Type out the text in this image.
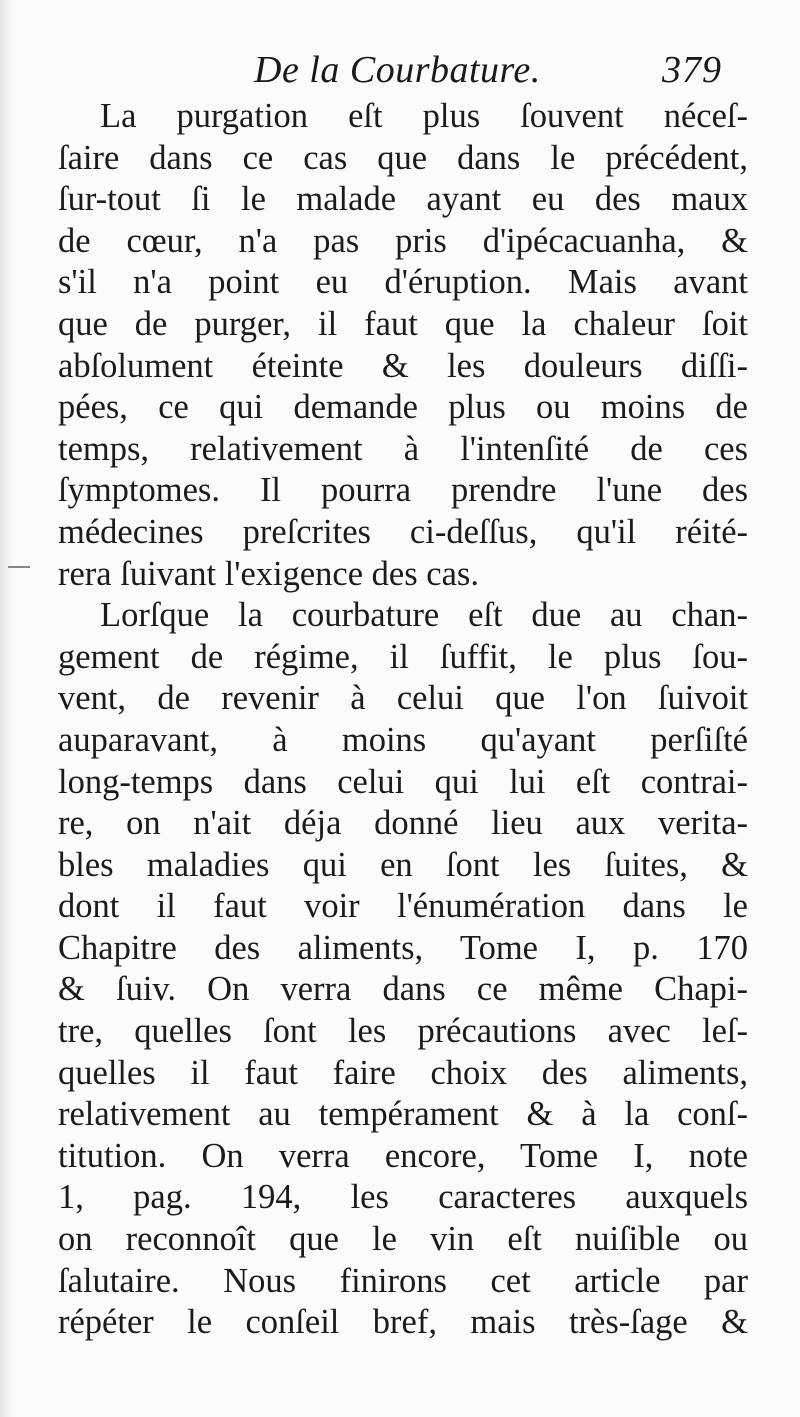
De la Courbature.	379
La purgation eſt plus ſouvent néceſ-
ſaire dans ce cas que dans le précédent,
ſur-tout ſi le malade ayant eu des maux
de cœur, n'a pas pris d'ipécacuanha, &
s'il n'a point eu d'éruption. Mais avant
que de purger, il faut que la chaleur ſoit
abſolument éteinte & les douleurs diſſi-
pées, ce qui demande plus ou moins de
temps, relativement à l'intenſité de ces
ſymptomes. Il pourra prendre l'une des
médecines preſcrites ci-deſſus, qu'il réité-
rera ſuivant l'exigence des cas.
Lorſque la courbature eſt due au chan-
gement de régime, il ſuffit, le plus ſou-
vent, de revenir à celui que l'on ſuivoit
auparavant, à moins qu'ayant perſiſté
long-temps dans celui qui lui eſt contrai-
re, on n'ait déja donné lieu aux verita-
bles maladies qui en ſont les ſuites, &
dont il faut voir l'énumération dans le
Chapitre des aliments, Tome I, p. 170
& ſuiv. On verra dans ce même Chapi-
tre, quelles ſont les précautions avec leſ-
quelles il faut faire choix des aliments,
relativement au tempérament & à la conſ-
titution. On verra encore, Tome I, note
1, pag. 194, les caracteres auxquels
on reconnoît que le vin eſt nuiſible ou
ſalutaire. Nous finirons cet article par
répéter le conſeil bref, mais très-ſage &
